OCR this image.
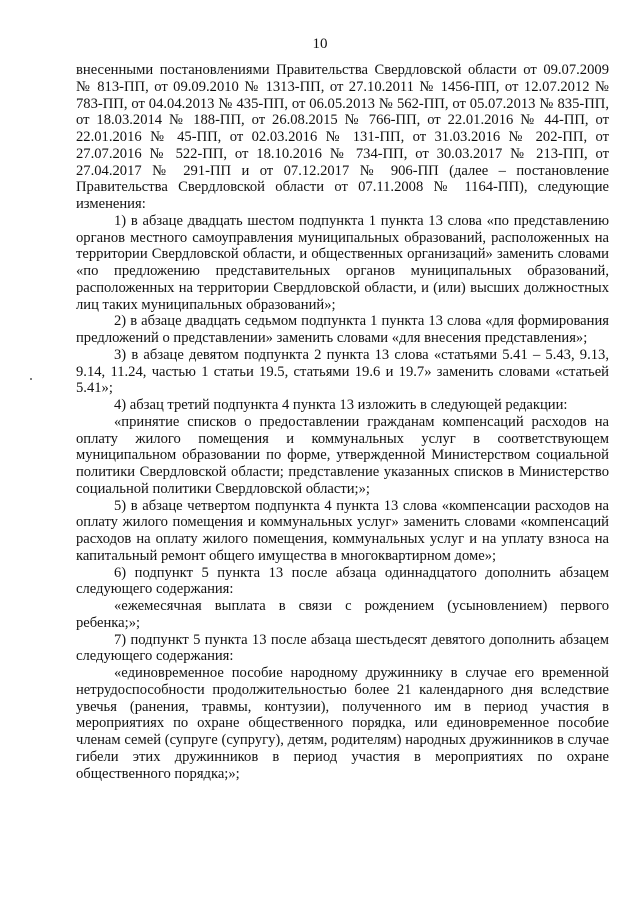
10

внесенными постановлениями Правительства Свердловской области от 09.07.2009 № 813-ПП, от 09.09.2010 № 1313-ПП, от 27.10.2011 № 1456-ПП, от 12.07.2012 № 783-ПП, от 04.04.2013 № 435-ПП, от 06.05.2013 № 562-ПП, от 05.07.2013 № 835-ПП, от 18.03.2014 № 188-ПП, от 26.08.2015 № 766-ПП, от 22.01.2016 № 44-ПП, от 22.01.2016 № 45-ПП, от 02.03.2016 № 131-ПП, от 31.03.2016 № 202-ПП, от 27.07.2016 № 522-ПП, от 18.10.2016 № 734-ПП, от 30.03.2017 № 213-ПП, от 27.04.2017 № 291-ПП и от 07.12.2017 № 906-ПП (далее – постановление Правительства Свердловской области от 07.11.2008 № 1164-ПП), следующие изменения:

1) в абзаце двадцать шестом подпункта 1 пункта 13 слова «по представлению органов местного самоуправления муниципальных образований, расположенных на территории Свердловской области, и общественных организаций» заменить словами «по предложению представительных органов муниципальных образований, расположенных на территории Свердловской области, и (или) высших должностных лиц таких муниципальных образований»;

2) в абзаце двадцать седьмом подпункта 1 пункта 13 слова «для формирования предложений о представлении» заменить словами «для внесения представления»;

3) в абзаце девятом подпункта 2 пункта 13 слова «статьями 5.41 – 5.43, 9.13, 9.14, 11.24, частью 1 статьи 19.5, статьями 19.6 и 19.7» заменить словами «статьей 5.41»;

4) абзац третий подпункта 4 пункта 13 изложить в следующей редакции:

«принятие списков о предоставлении гражданам компенсаций расходов на оплату жилого помещения и коммунальных услуг в соответствующем муниципальном образовании по форме, утвержденной Министерством социальной политики Свердловской области; представление указанных списков в Министерство социальной политики Свердловской области;»;

5) в абзаце четвертом подпункта 4 пункта 13 слова «компенсации расходов на оплату жилого помещения и коммунальных услуг» заменить словами «компенсаций расходов на оплату жилого помещения, коммунальных услуг и на уплату взноса на капитальный ремонт общего имущества в многоквартирном доме»;

6) подпункт 5 пункта 13 после абзаца одиннадцатого дополнить абзацем следующего содержания:

«ежемесячная выплата в связи с рождением (усыновлением) первого ребенка;»;

7) подпункт 5 пункта 13 после абзаца шестьдесят девятого дополнить абзацем следующего содержания:

«единовременное пособие народному дружиннику в случае его временной нетрудоспособности продолжительностью более 21 календарного дня вследствие увечья (ранения, травмы, контузии), полученного им в период участия в мероприятиях по охране общественного порядка, или единовременное пособие членам семей (супруге (супругу), детям, родителям) народных дружинников в случае гибели этих дружинников в период участия в мероприятиях по охране общественного порядка;»;
